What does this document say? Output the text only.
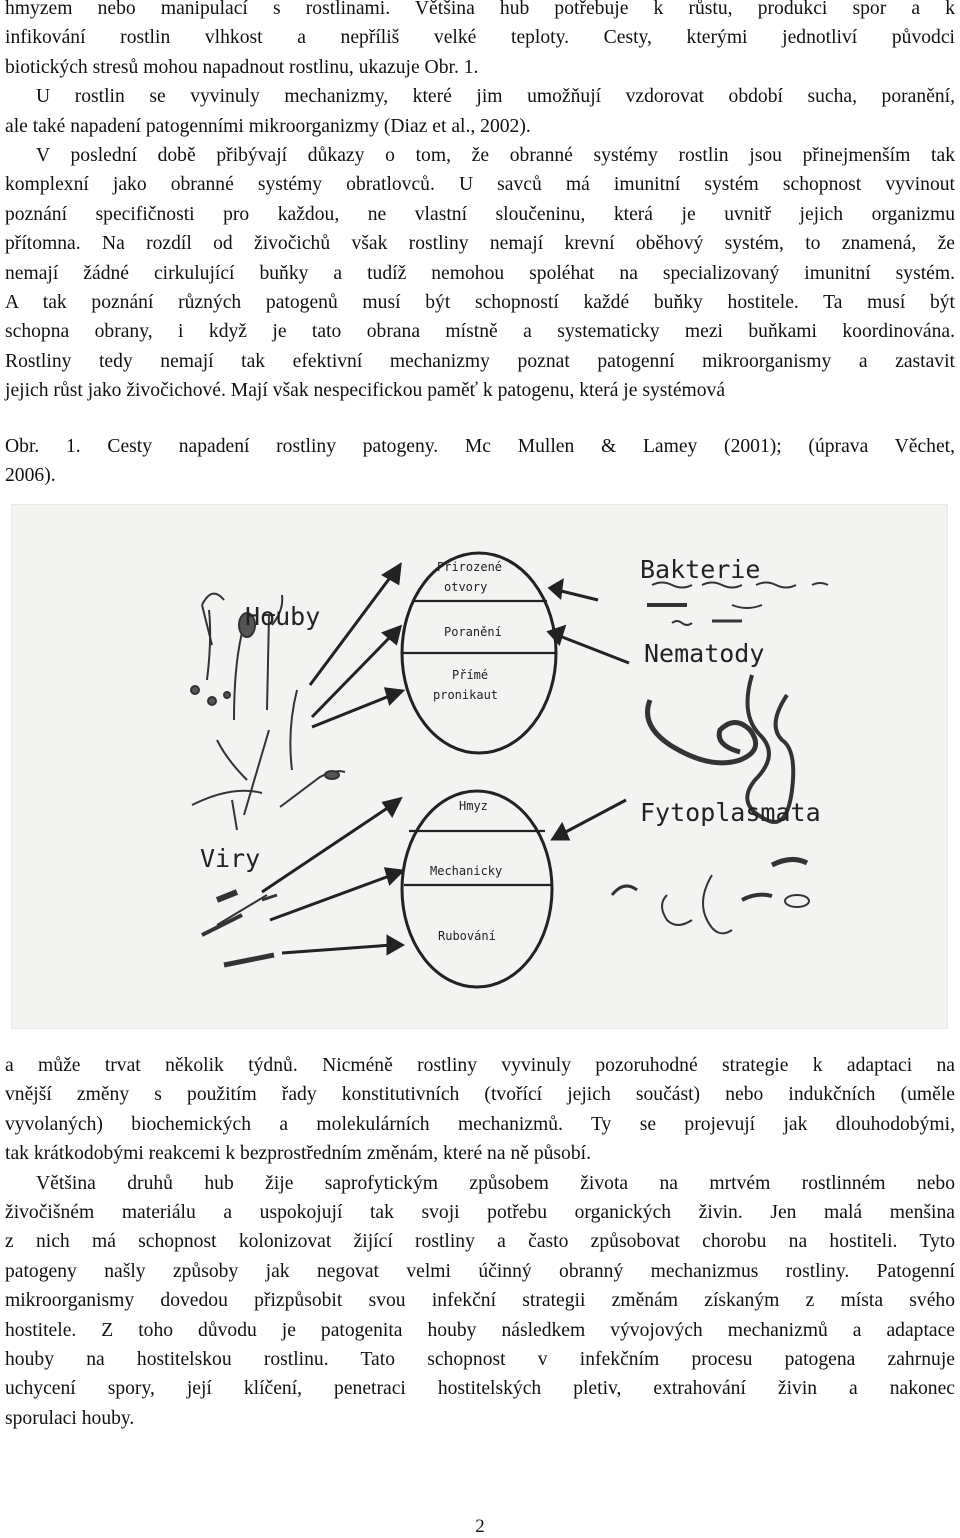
hmyzem nebo manipulací s rostlinami. Většina hub potřebuje k růstu, produkci spor a k
infikování rostlin vlhkost a nepříliš velké teploty. Cesty, kterými jednotliví původci
biotických stresů mohou napadnout rostlinu, ukazuje Obr. 1.
U rostlin se vyvinuly mechanizmy, které jim umožňují vzdorovat období sucha, poranění,
ale také napadení patogenními mikroorganizmy (Diaz et al., 2002).
V poslední době přibývají důkazy o tom, že obranné systémy rostlin jsou přinejmenším tak
komplexní jako obranné systémy obratlovců. U savců má imunitní systém schopnost vyvinout
poznání specifičnosti pro každou, ne vlastní sloučeninu, která je uvnitř jejich organizmu
přítomna. Na rozdíl od živočichů však rostliny nemají krevní oběhový systém, to znamená, že
nemají žádné cirkulující buňky a tudíž nemohou spoléhat na specializovaný imunitní systém.
A tak poznání různých patogenů musí být schopností každé buňky hostitele. Ta musí být
schopna obrany, i když je tato obrana místně a systematicky mezi buňkami koordinována.
Rostliny tedy nemají tak efektivní mechanizmy poznat patogenní mikroorganismy a zastavit
jejich růst jako živočichové. Mají však nespecifickou paměť k patogenu, která je systémová
Obr. 1. Cesty napadení rostliny patogeny. Mc Mullen & Lamey (2001); (úprava Věchet,
2006).
Houby
Viry
Bakterie
Nematody
Fytoplasmata
Přirozené
otvory
Poranění
Přímé
pronikaut
Hmyz
Mechanicky
Rubování
a může trvat několik týdnů. Nicméně rostliny vyvinuly pozoruhodné strategie k adaptaci na
vnější změny s použitím řady konstitutivních (tvořící jejich součást) nebo indukčních (uměle
vyvolaných) biochemických a molekulárních mechanizmů. Ty se projevují jak dlouhodobými,
tak krátkodobými reakcemi k bezprostředním změnám, které na ně působí.
Většina druhů hub žije saprofytickým způsobem života na mrtvém rostlinném nebo
živočišném materiálu a uspokojují tak svoji potřebu organických živin. Jen malá menšina
z nich má schopnost kolonizovat žijící rostliny a často způsobovat chorobu na hostiteli. Tyto
patogeny našly způsoby jak negovat velmi účinný obranný mechanizmus rostliny. Patogenní
mikroorganismy dovedou přizpůsobit svou infekční strategii změnám získaným z místa svého
hostitele. Z toho důvodu je patogenita houby následkem vývojových mechanizmů a adaptace
houby na hostitelskou rostlinu. Tato schopnost v infekčním procesu patogena zahrnuje
uchycení spory, její klíčení, penetraci hostitelských pletiv, extrahování živin a nakonec
sporulaci houby.
2
